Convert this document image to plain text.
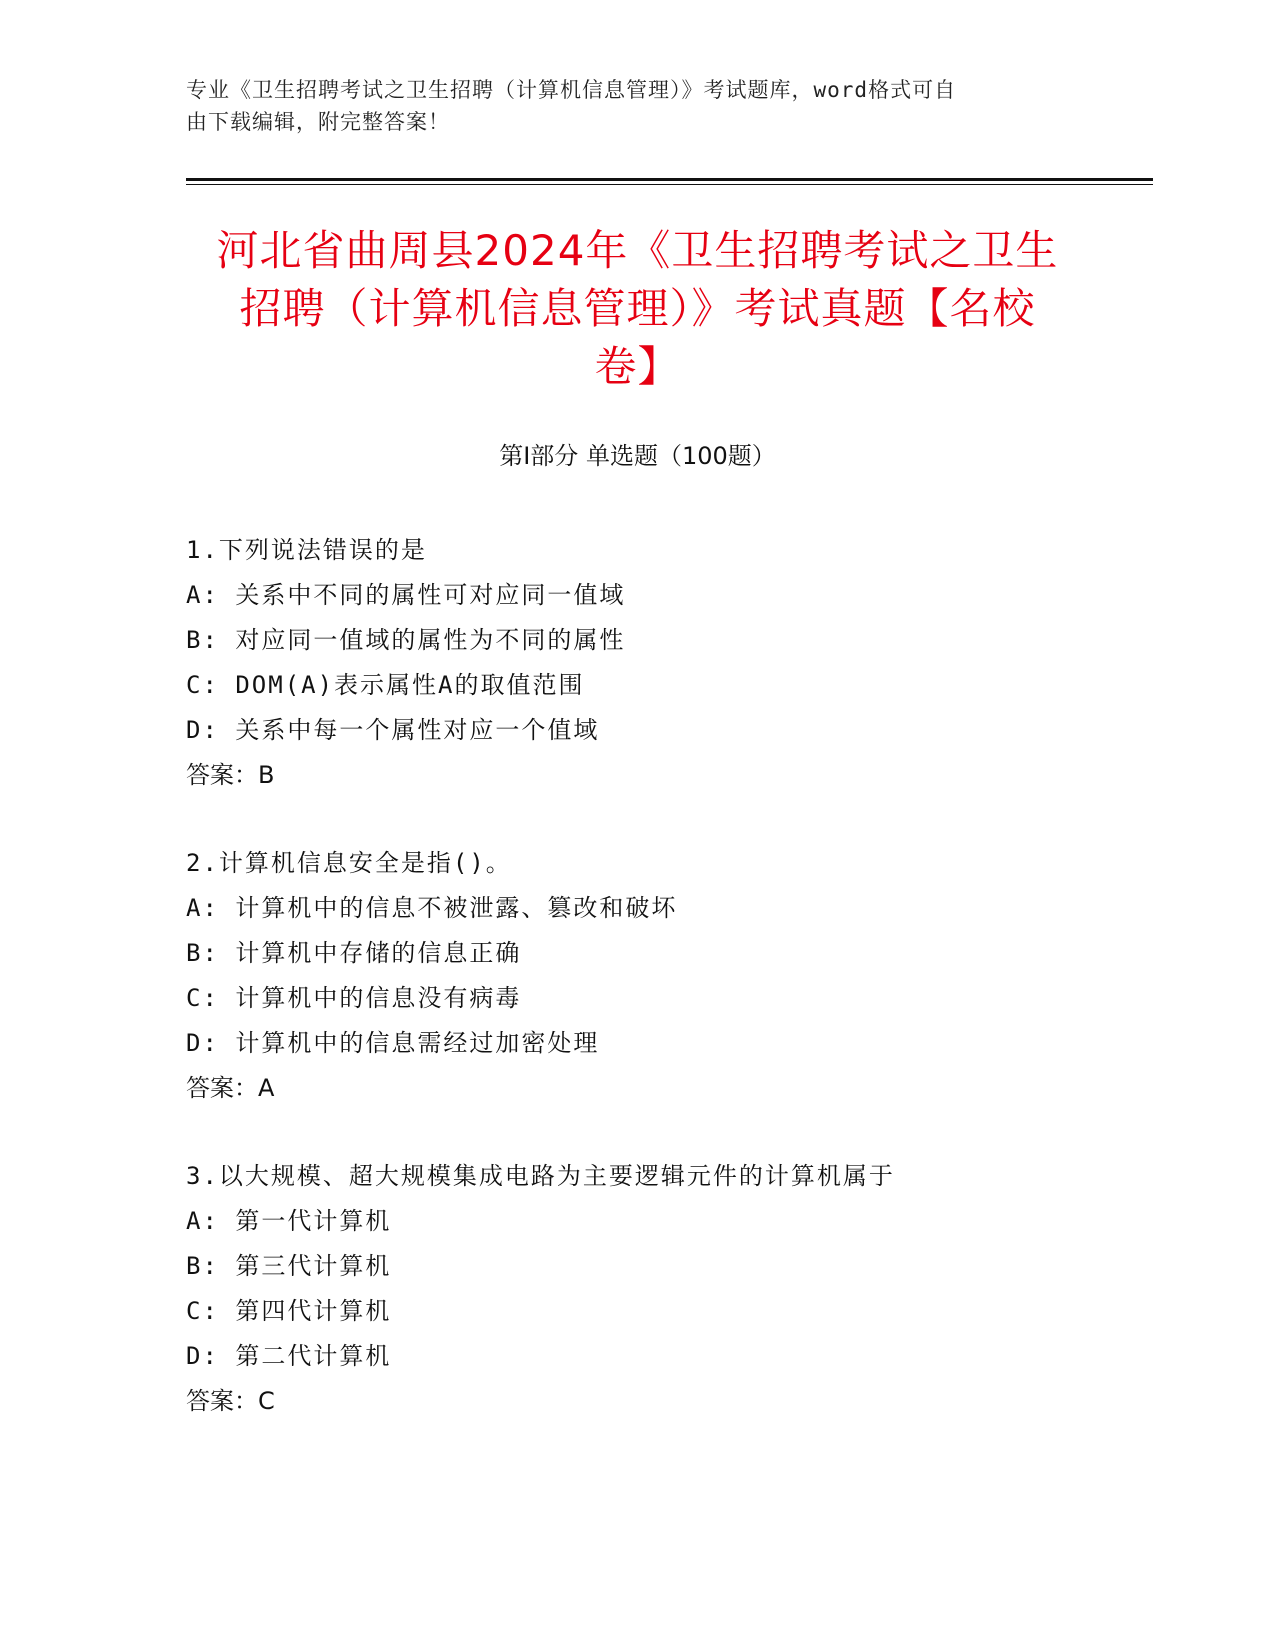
专业《卫生招聘考试之卫生招聘（计算机信息管理）》考试题库，word格式可自
由下载编辑，附完整答案！
河北省曲周县2024年《卫生招聘考试之卫生
招聘（计算机信息管理）》考试真题【名校
卷】
第Ⅰ部分 单选题（100题）
1.下列说法错误的是
A: 关系中不同的属性可对应同一值域
B: 对应同一值域的属性为不同的属性
C: DOM(A)表示属性A的取值范围
D: 关系中每一个属性对应一个值域
答案：B
2.计算机信息安全是指()。
A: 计算机中的信息不被泄露、篡改和破坏
B: 计算机中存储的信息正确
C: 计算机中的信息没有病毒
D: 计算机中的信息需经过加密处理
答案：A
3.以大规模、超大规模集成电路为主要逻辑元件的计算机属于
A: 第一代计算机
B: 第三代计算机
C: 第四代计算机
D: 第二代计算机
答案：C
